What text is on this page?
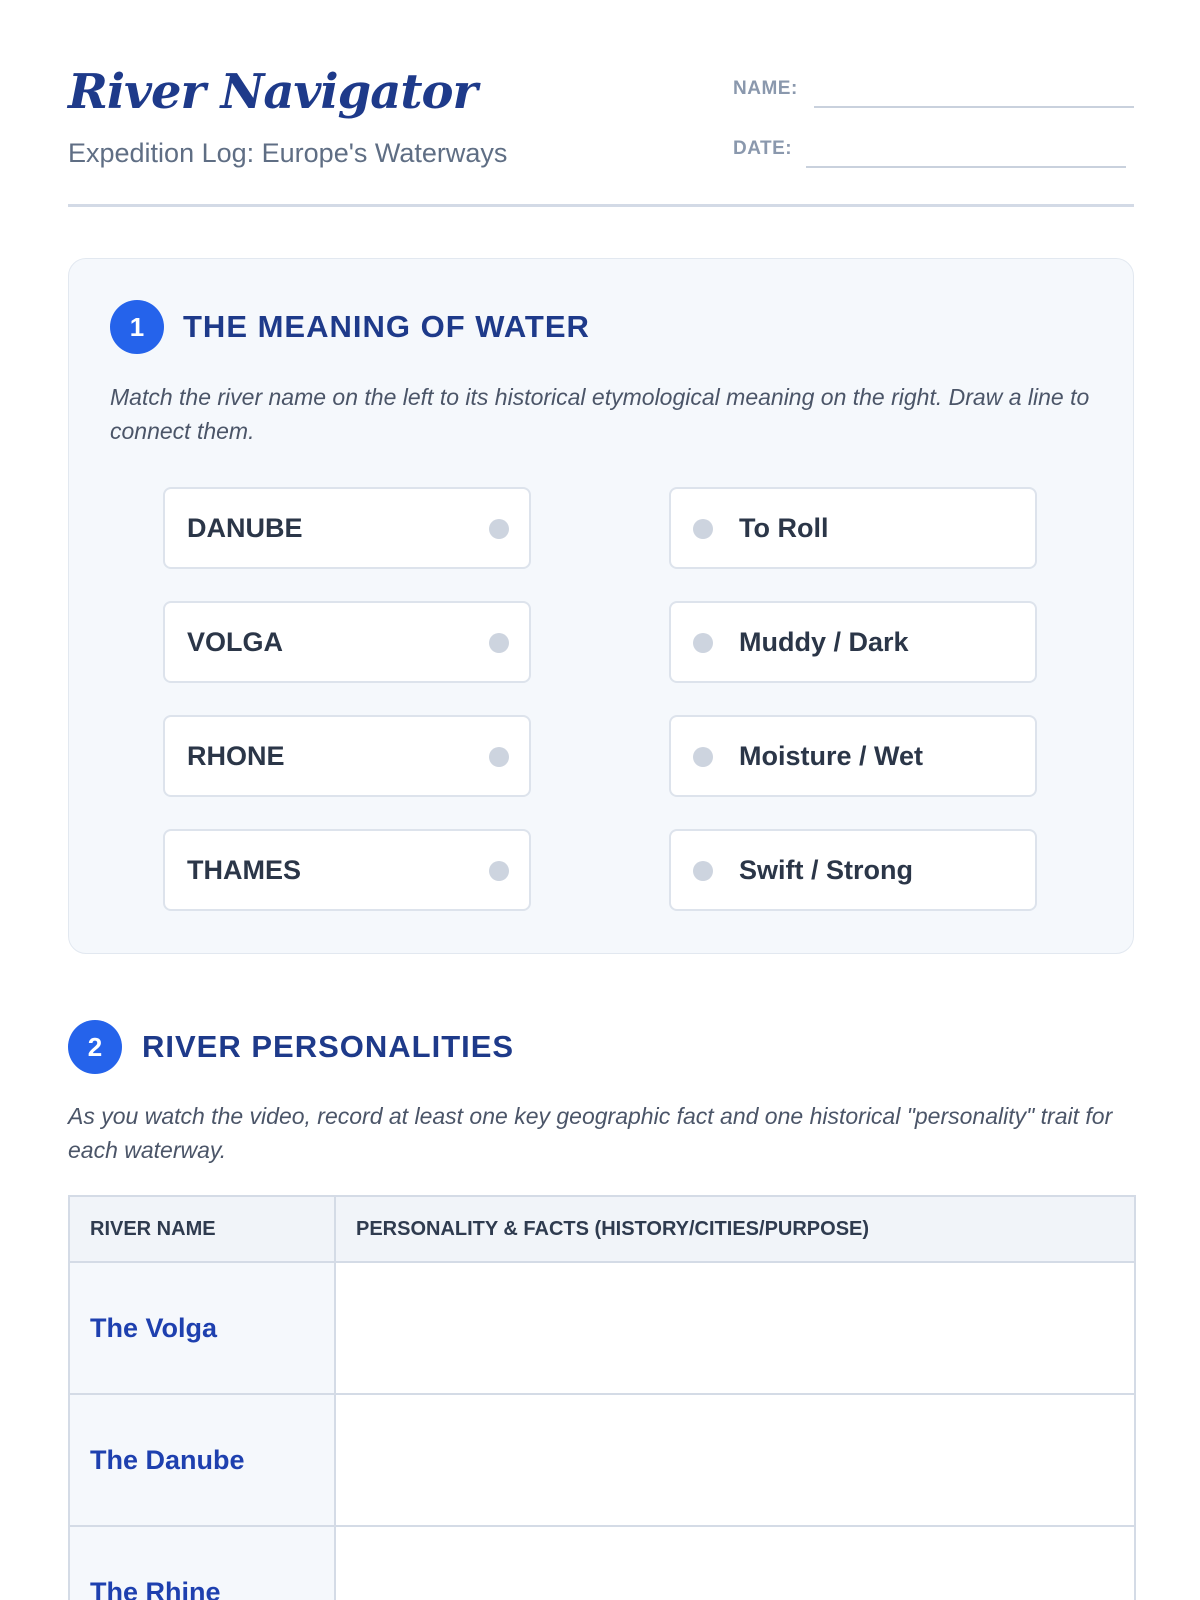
River Navigator
Expedition Log: Europe's Waterways
NAME:
DATE:
1	THE MEANING OF WATER
Match the river name on the left to its historical etymological meaning on the right. Draw a line to connect them.
DANUBE
VOLGA
RHONE
THAMES
To Roll
Muddy / Dark
Moisture / Wet
Swift / Strong
2	RIVER PERSONALITIES
As you watch the video, record at least one key geographic fact and one historical "personality" trait for each waterway.
RIVER NAME	PERSONALITY & FACTS (HISTORY/CITIES/PURPOSE)
The Volga	
The Danube	
The Rhine	
